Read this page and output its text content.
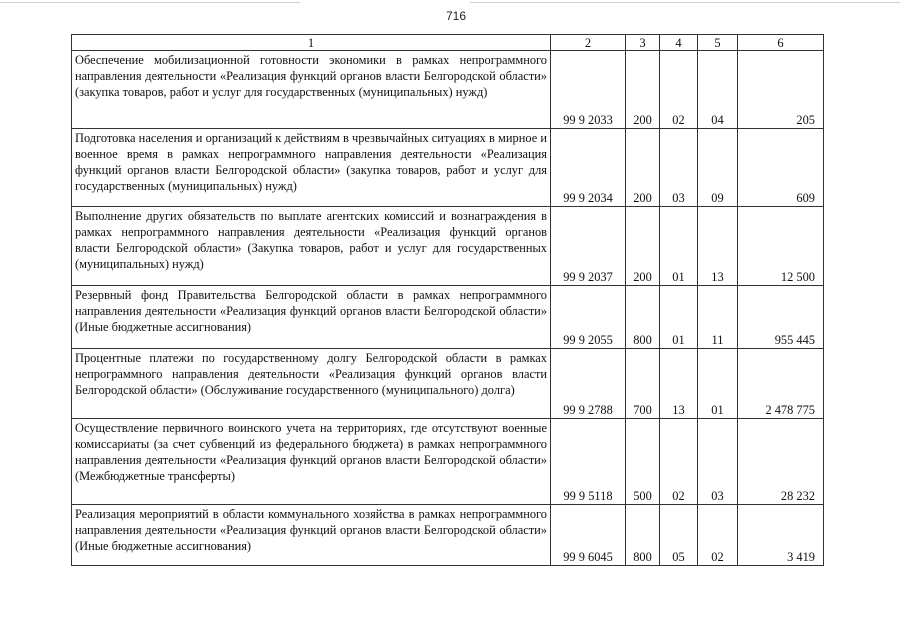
716
1	2	3	4	5	6
Обеспечение мобилизационной готовности экономики в рамках непрограммного направления деятельности «Реализация функций органов власти Белгородской области» (закупка товаров, работ и услуг для государственных (муниципальных) нужд)	99 9 2033	200	02	04	205
Подготовка населения и организаций к действиям в чрезвычайных ситуациях в мирное и военное время в рамках непрограммного направления деятельности «Реализация функций органов власти Белгородской области» (закупка товаров, работ и услуг для государственных (муниципальных) нужд)	99 9 2034	200	03	09	609
Выполнение других обязательств по выплате агентских комиссий и вознаграждения в рамках непрограммного направления деятельности «Реализация функций органов власти Белгородской области» (Закупка товаров, работ и услуг для государственных (муниципальных) нужд)	99 9 2037	200	01	13	12 500
Резервный фонд Правительства Белгородской области в рамках непрограммного направления деятельности «Реализация функций органов власти Белгородской области» (Иные бюджетные ассигнования)	99 9 2055	800	01	11	955 445
Процентные платежи по государственному долгу Белгородской области в рамках непрограммного направления деятельности «Реализация функций органов власти Белгородской области» (Обслуживание государственного (муниципального) долга)	99 9 2788	700	13	01	2 478 775
Осуществление первичного воинского учета на территориях, где отсутствуют военные комиссариаты (за счет субвенций из федерального бюджета) в рамках непрограммного направления деятельности «Реализация функций органов власти Белгородской области» (Межбюджетные трансферты)	99 9 5118	500	02	03	28 232
Реализация мероприятий в области коммунального хозяйства в рамках непрограммного направления деятельности «Реализация функций органов власти Белгородской области» (Иные бюджетные ассигнования)	99 9 6045	800	05	02	3 419
